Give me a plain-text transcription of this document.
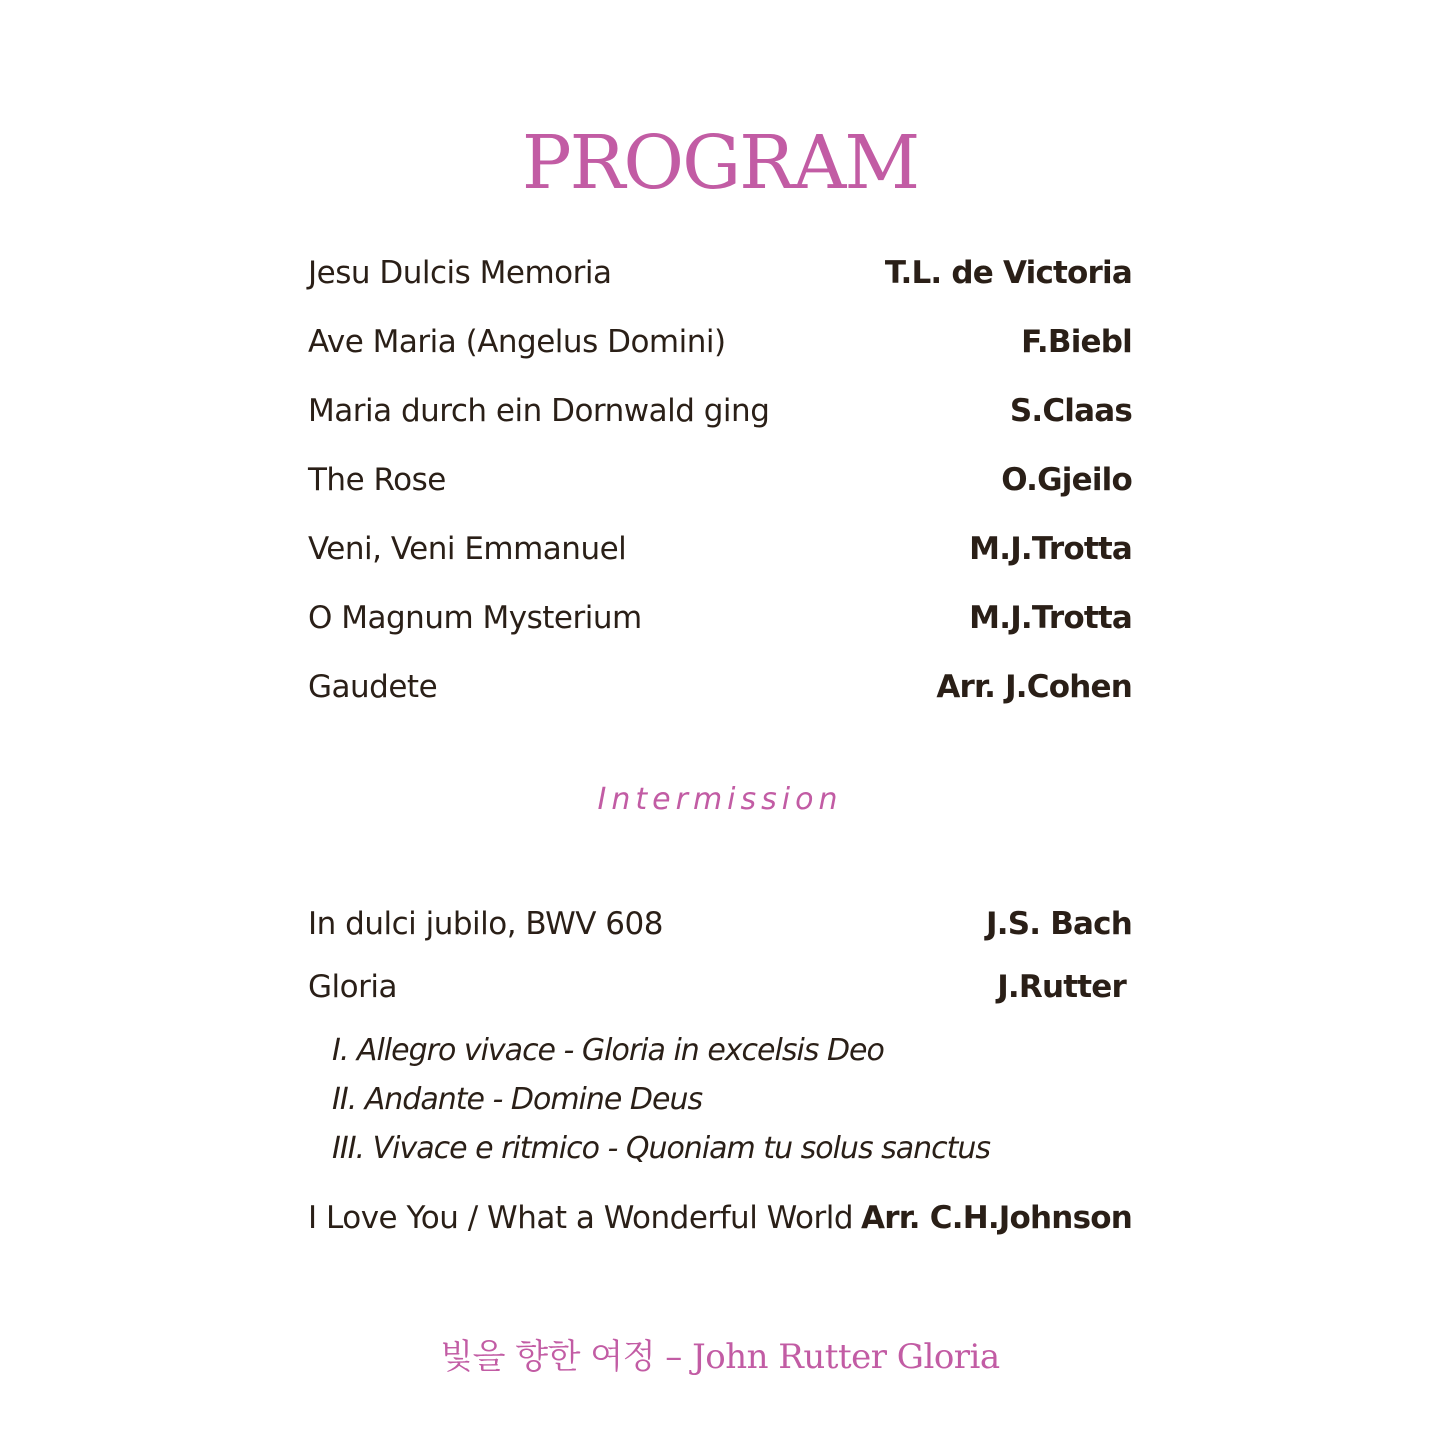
PROGRAM
Jesu Dulcis Memoria	T.L. de Victoria
Ave Maria (Angelus Domini)	F.Biebl
Maria durch ein Dornwald ging	S.Claas
The Rose	O.Gjeilo
Veni, Veni Emmanuel	M.J.Trotta
O Magnum Mysterium	M.J.Trotta
Gaudete	Arr. J.Cohen
Intermission
In dulci jubilo, BWV 608	J.S. Bach
Gloria	J.Rutter
I. Allegro vivace - Gloria in excelsis Deo
II. Andante - Domine Deus
III. Vivace e ritmico - Quoniam tu solus sanctus
I Love You / What a Wonderful World Arr. C.H.Johnson
빛을 향한 여정 – John Rutter Gloria
